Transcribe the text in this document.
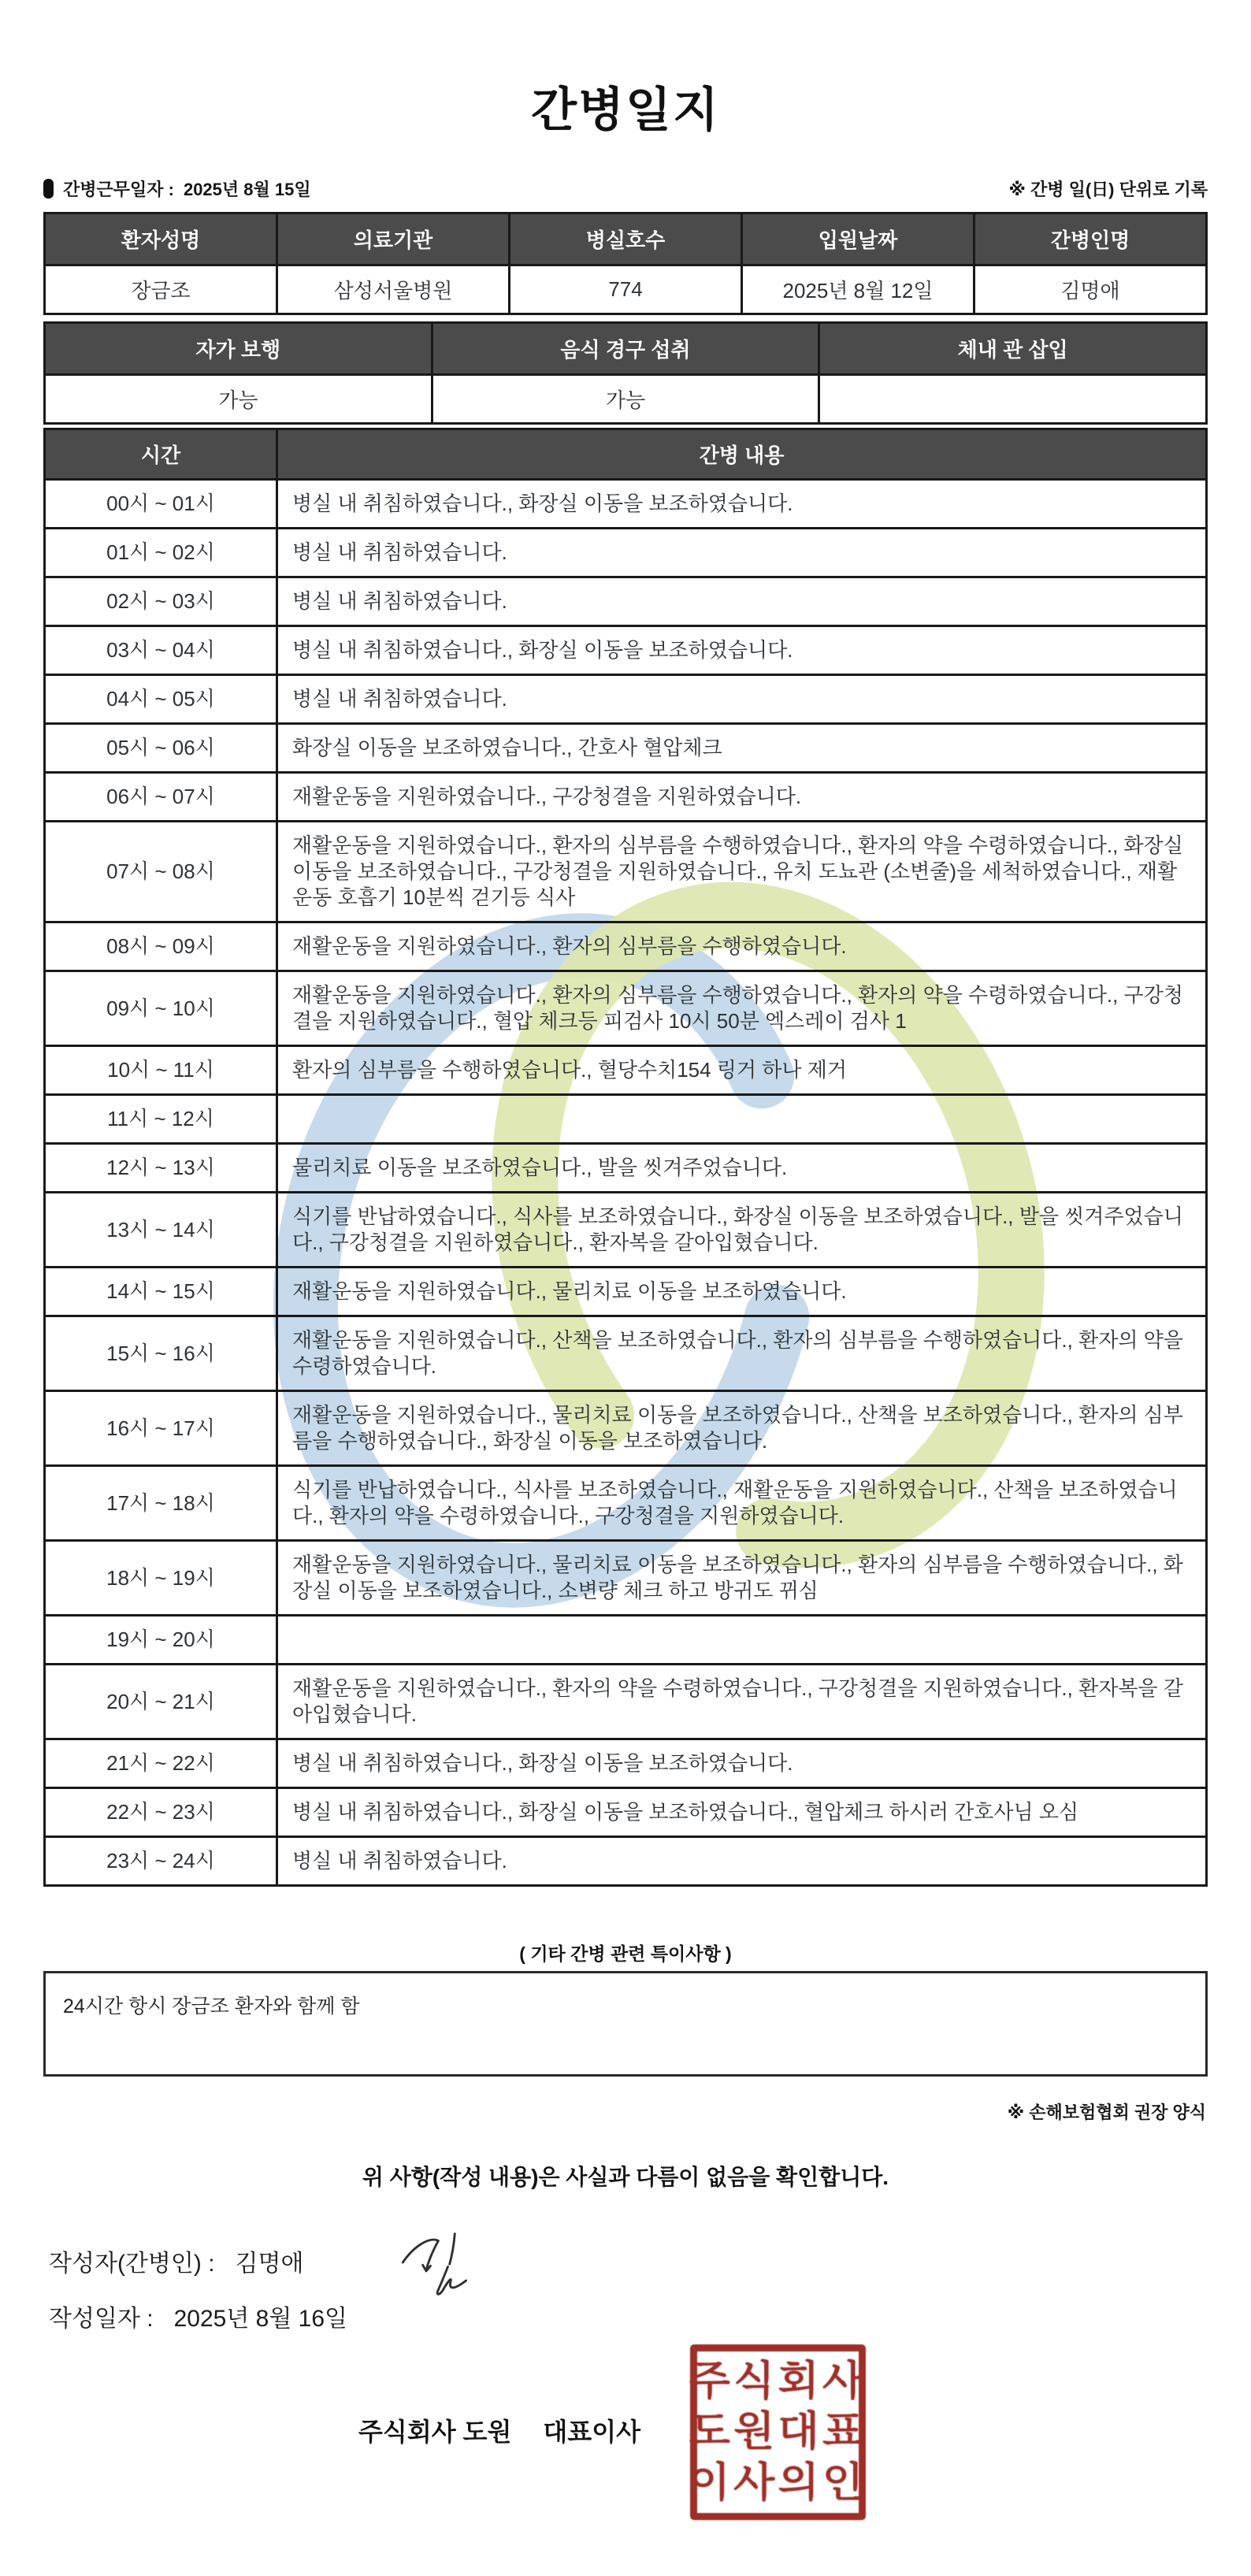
간병일지
간병근무일자 : 2025년 8월 15일	※ 간병 일(日) 단위로 기록
환자성명	의료기관	병실호수	입원날짜	간병인명
장금조	삼성서울병원	774	2025년 8월 12일	김명애
자가 보행	음식 경구 섭취	체내 관 삽입
가능	가능	
시간	간병 내용
00시 ~ 01시	병실 내 취침하였습니다., 화장실 이동을 보조하였습니다.
01시 ~ 02시	병실 내 취침하였습니다.
02시 ~ 03시	병실 내 취침하였습니다.
03시 ~ 04시	병실 내 취침하였습니다., 화장실 이동을 보조하였습니다.
04시 ~ 05시	병실 내 취침하였습니다.
05시 ~ 06시	화장실 이동을 보조하였습니다., 간호사 혈압체크
06시 ~ 07시	재활운동을 지원하였습니다., 구강청결을 지원하였습니다.
07시 ~ 08시	재활운동을 지원하였습니다., 환자의 심부름을 수행하였습니다., 환자의 약을 수령하였습니다., 화장실 이동을 보조하였습니다., 구강청결을 지원하였습니다., 유치 도뇨관 (소변줄)을 세척하였습니다., 재활 운동 호흡기 10분씩 걷기등 식사
08시 ~ 09시	재활운동을 지원하였습니다., 환자의 심부름을 수행하였습니다.
09시 ~ 10시	재활운동을 지원하였습니다., 환자의 심부름을 수행하였습니다., 환자의 약을 수령하였습니다., 구강청결을 지원하였습니다., 혈압 체크등 피검사 10시 50분 엑스레이 검사 1
10시 ~ 11시	환자의 심부름을 수행하였습니다., 혈당수치154 링거 하나 제거
11시 ~ 12시	
12시 ~ 13시	물리치료 이동을 보조하였습니다., 발을 씻겨주었습니다.
13시 ~ 14시	식기를 반납하였습니다., 식사를 보조하였습니다., 화장실 이동을 보조하였습니다., 발을 씻겨주었습니다., 구강청결을 지원하였습니다., 환자복을 갈아입혔습니다.
14시 ~ 15시	재활운동을 지원하였습니다., 물리치료 이동을 보조하였습니다.
15시 ~ 16시	재활운동을 지원하였습니다., 산책을 보조하였습니다., 환자의 심부름을 수행하였습니다., 환자의 약을 수령하였습니다.
16시 ~ 17시	재활운동을 지원하였습니다., 물리치료 이동을 보조하였습니다., 산책을 보조하였습니다., 환자의 심부름을 수행하였습니다., 화장실 이동을 보조하였습니다.
17시 ~ 18시	식기를 반납하였습니다., 식사를 보조하였습니다., 재활운동을 지원하였습니다., 산책을 보조하였습니다., 환자의 약을 수령하였습니다., 구강청결을 지원하였습니다.
18시 ~ 19시	재활운동을 지원하였습니다., 물리치료 이동을 보조하였습니다., 환자의 심부름을 수행하였습니다., 화장실 이동을 보조하였습니다., 소변량 체크 하고 방귀도 뀌심
19시 ~ 20시	
20시 ~ 21시	재활운동을 지원하였습니다., 환자의 약을 수령하였습니다., 구강청결을 지원하였습니다., 환자복을 갈아입혔습니다.
21시 ~ 22시	병실 내 취침하였습니다., 화장실 이동을 보조하였습니다.
22시 ~ 23시	병실 내 취침하였습니다., 화장실 이동을 보조하였습니다., 혈압체크 하시러 간호사님 오심
23시 ~ 24시	병실 내 취침하였습니다.
( 기타 간병 관련 특이사항 )
24시간 항시 장금조 환자와 함께 함
※ 손해보험협회 권장 양식
위 사항(작성 내용)은 사실과 다름이 없음을 확인합니다.
작성자(간병인) : 김명애
작성일자 : 2025년 8월 16일
주식회사 도원 대표이사
주식회사
도원대표
이사의인
